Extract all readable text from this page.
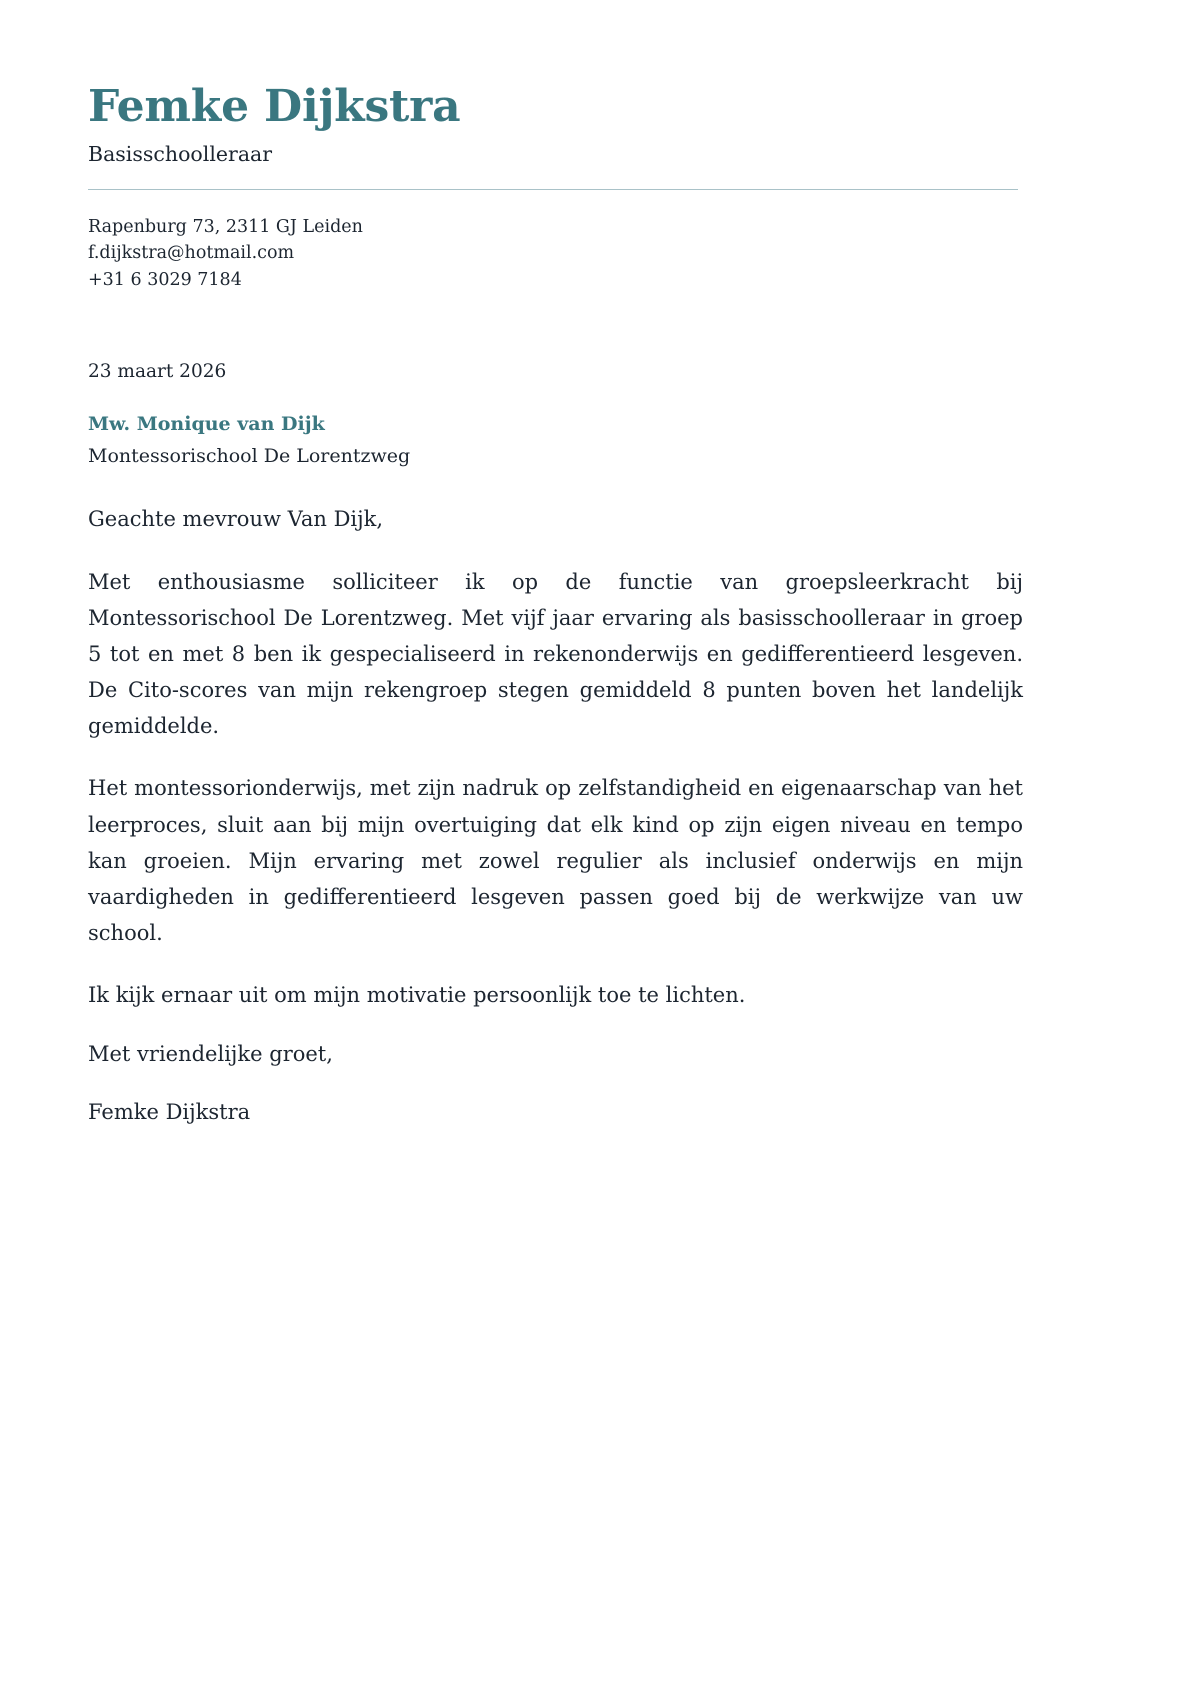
Femke Dijkstra
Basisschoolleraar
Rapenburg 73, 2311 GJ Leiden
f.dijkstra@hotmail.com
+31 6 3029 7184
23 maart 2026
Mw. Monique van Dijk
Montessorischool De Lorentzweg

Geachte mevrouw Van Dijk,

Met enthousiasme solliciteer ik op de functie van groepsleerkracht bij Montessorischool De Lorentzweg. Met vijf jaar ervaring als basisschoolleraar in groep 5 tot en met 8 ben ik gespecialiseerd in rekenonderwijs en gedifferentieerd lesgeven. De Cito-scores van mijn rekengroep stegen gemiddeld 8 punten boven het landelijk gemiddelde.

Het montessorionderwijs, met zijn nadruk op zelfstandigheid en eigenaarschap van het leerproces, sluit aan bij mijn overtuiging dat elk kind op zijn eigen niveau en tempo kan groeien. Mijn ervaring met zowel regulier als inclusief onderwijs en mijn vaardigheden in gedifferentieerd lesgeven passen goed bij de werkwijze van uw school.

Ik kijk ernaar uit om mijn motivatie persoonlijk toe te lichten.

Met vriendelijke groet,

Femke Dijkstra
